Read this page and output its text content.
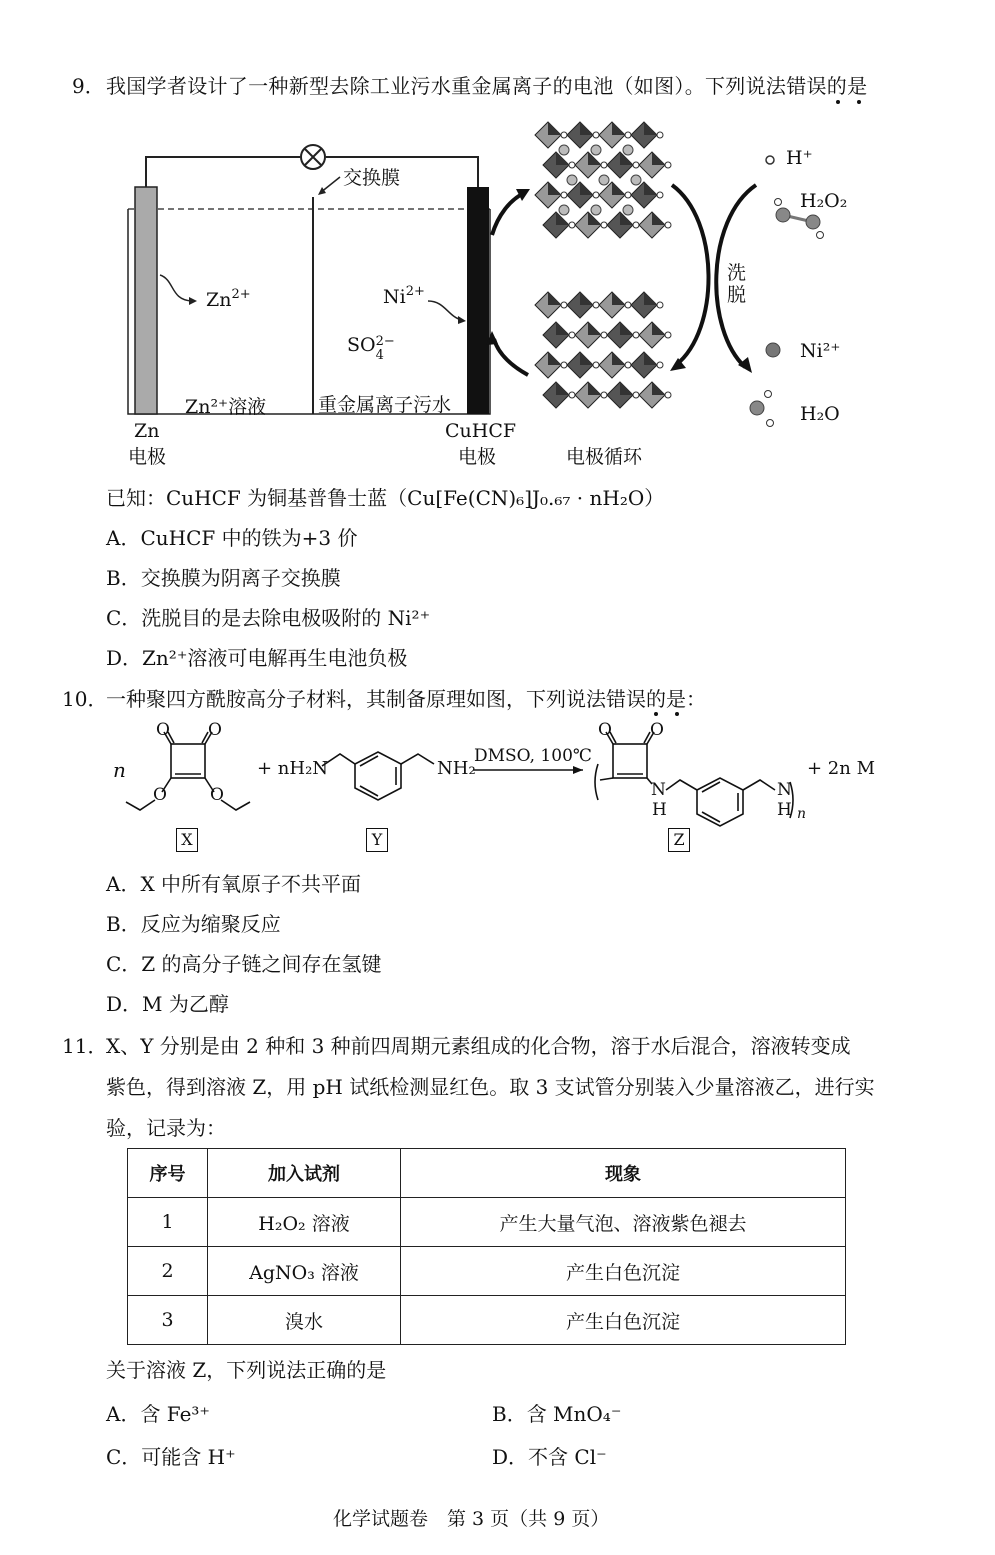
9． 我国学者设计了一种新型去除工业污水重金属离子的电池（如图）。下列说法错误的是
交换膜
$Zn^{2+}$	$Ni^{2+}$
SO 2−
4
Zn²⁺溶液	重金属离子污水
Zn
电极
CuHCF
电极	电极循环
洗脱
H⁺
H₂O₂
Ni²⁺
H₂O
已知：CuHCF 为铜基普鲁士蓝（Cu[Fe(CN)₆]J₀.₆₇ · nH₂O）
A．CuHCF 中的铁为+3 价
B．交换膜为阴离子交换膜
C．洗脱目的是去除电极吸附的 Ni²⁺
D．Zn²⁺溶液可电解再生电池负极
10．
一种聚四方酰胺高分子材料，其制备原理如图，下列说法错误的是：
n
O O
O	O
+ nH₂N	NH₂
DMSO, 100℃
O O
N
H
N
H n
+ 2n M
X	Y	Z
A．X 中所有氧原子不共平面
B．反应为缩聚反应
C．Z 的高分子链之间存在氢键
D．M 为乙醇
11．
X、Y 分别是由 2 种和 3 种前四周期元素组成的化合物，溶于水后混合，溶液转变成
紫色，得到溶液 Z，用 pH 试纸检测显红色。取 3 支试管分别装入少量溶液乙，进行实
验，记录为：
序号	加入试剂	现象
1	H₂O₂ 溶液	产生大量气泡、溶液紫色褪去
2	AgNO₃ 溶液	产生白色沉淀
3	溴水	产生白色沉淀
关于溶液 Z，下列说法正确的是
A．含 Fe³⁺	B．含 MnO₄⁻
C．可能含 H⁺	D．不含 Cl⁻
化学试题卷　第 3 页（共 9 页）
